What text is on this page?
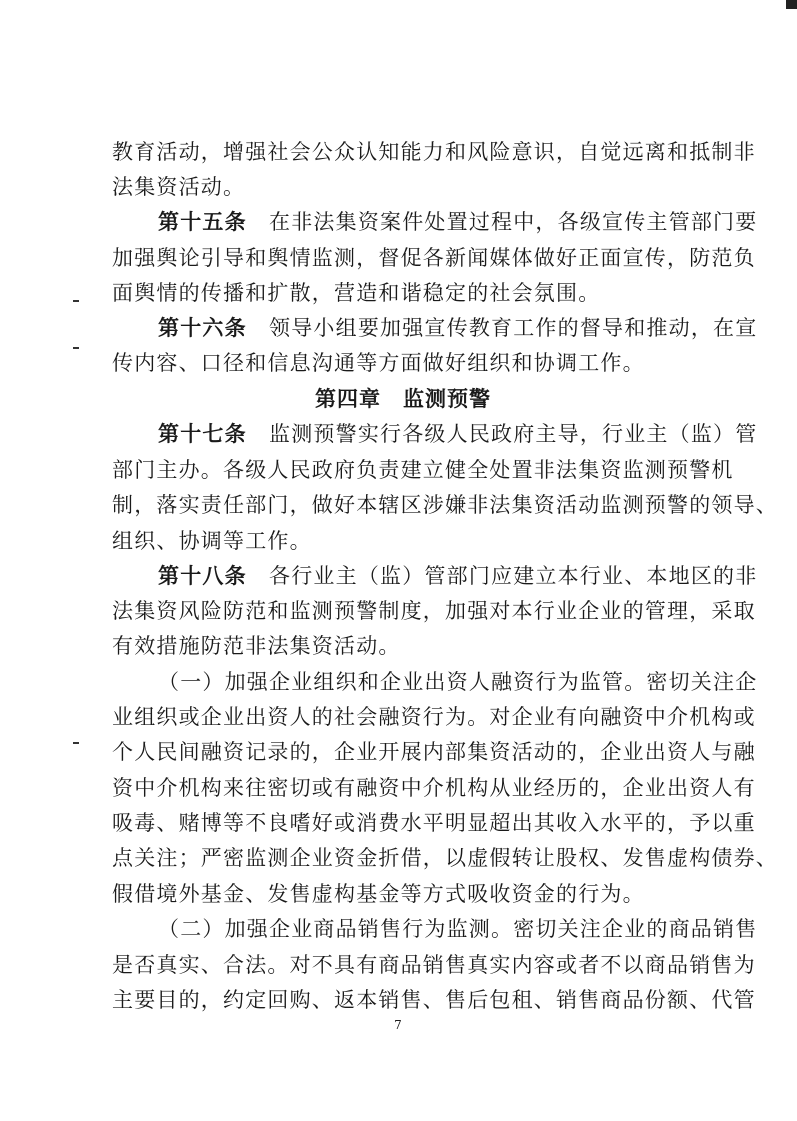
教育活动，增强社会公众认知能力和风险意识，自觉远离和抵制非
法集资活动。
第十五条　 在非法集资案件处置过程中，各级宣传主管部门要
加强舆论引导和舆情监测，督促各新闻媒体做好正面宣传，防范负
面舆情的传播和扩散，营造和谐稳定的社会氛围。
第十六条　 领导小组要加强宣传教育工作的督导和推动，在宣
传内容、口径和信息沟通等方面做好组织和协调工作。
第四章 监测预警
第十七条　 监测预警实行各级人民政府主导，行业主（监）管
部门主办。各级人民政府负责建立健全处置非法集资监测预警机
制，落实责任部门，做好本辖区涉嫌非法集资活动监测预警的领导、
组织、协调等工作。
第十八条　 各行业主（监）管部门应建立本行业、本地区的非
法集资风险防范和监测预警制度，加强对本行业企业的管理，采取
有效措施防范非法集资活动。
（一）加强企业组织和企业出资人融资行为监管。密切关注企
业组织或企业出资人的社会融资行为。对企业有向融资中介机构或
个人民间融资记录的，企业开展内部集资活动的，企业出资人与融
资中介机构来往密切或有融资中介机构从业经历的，企业出资人有
吸毒、赌博等不良嗜好或消费水平明显超出其收入水平的，予以重
点关注；严密监测企业资金折借，以虚假转让股权、发售虚构债券、
假借境外基金、发售虚构基金等方式吸收资金的行为。
（二）加强企业商品销售行为监测。密切关注企业的商品销售
是否真实、合法。对不具有商品销售真实内容或者不以商品销售为
主要目的，约定回购、返本销售、售后包租、销售商品份额、代管
7
